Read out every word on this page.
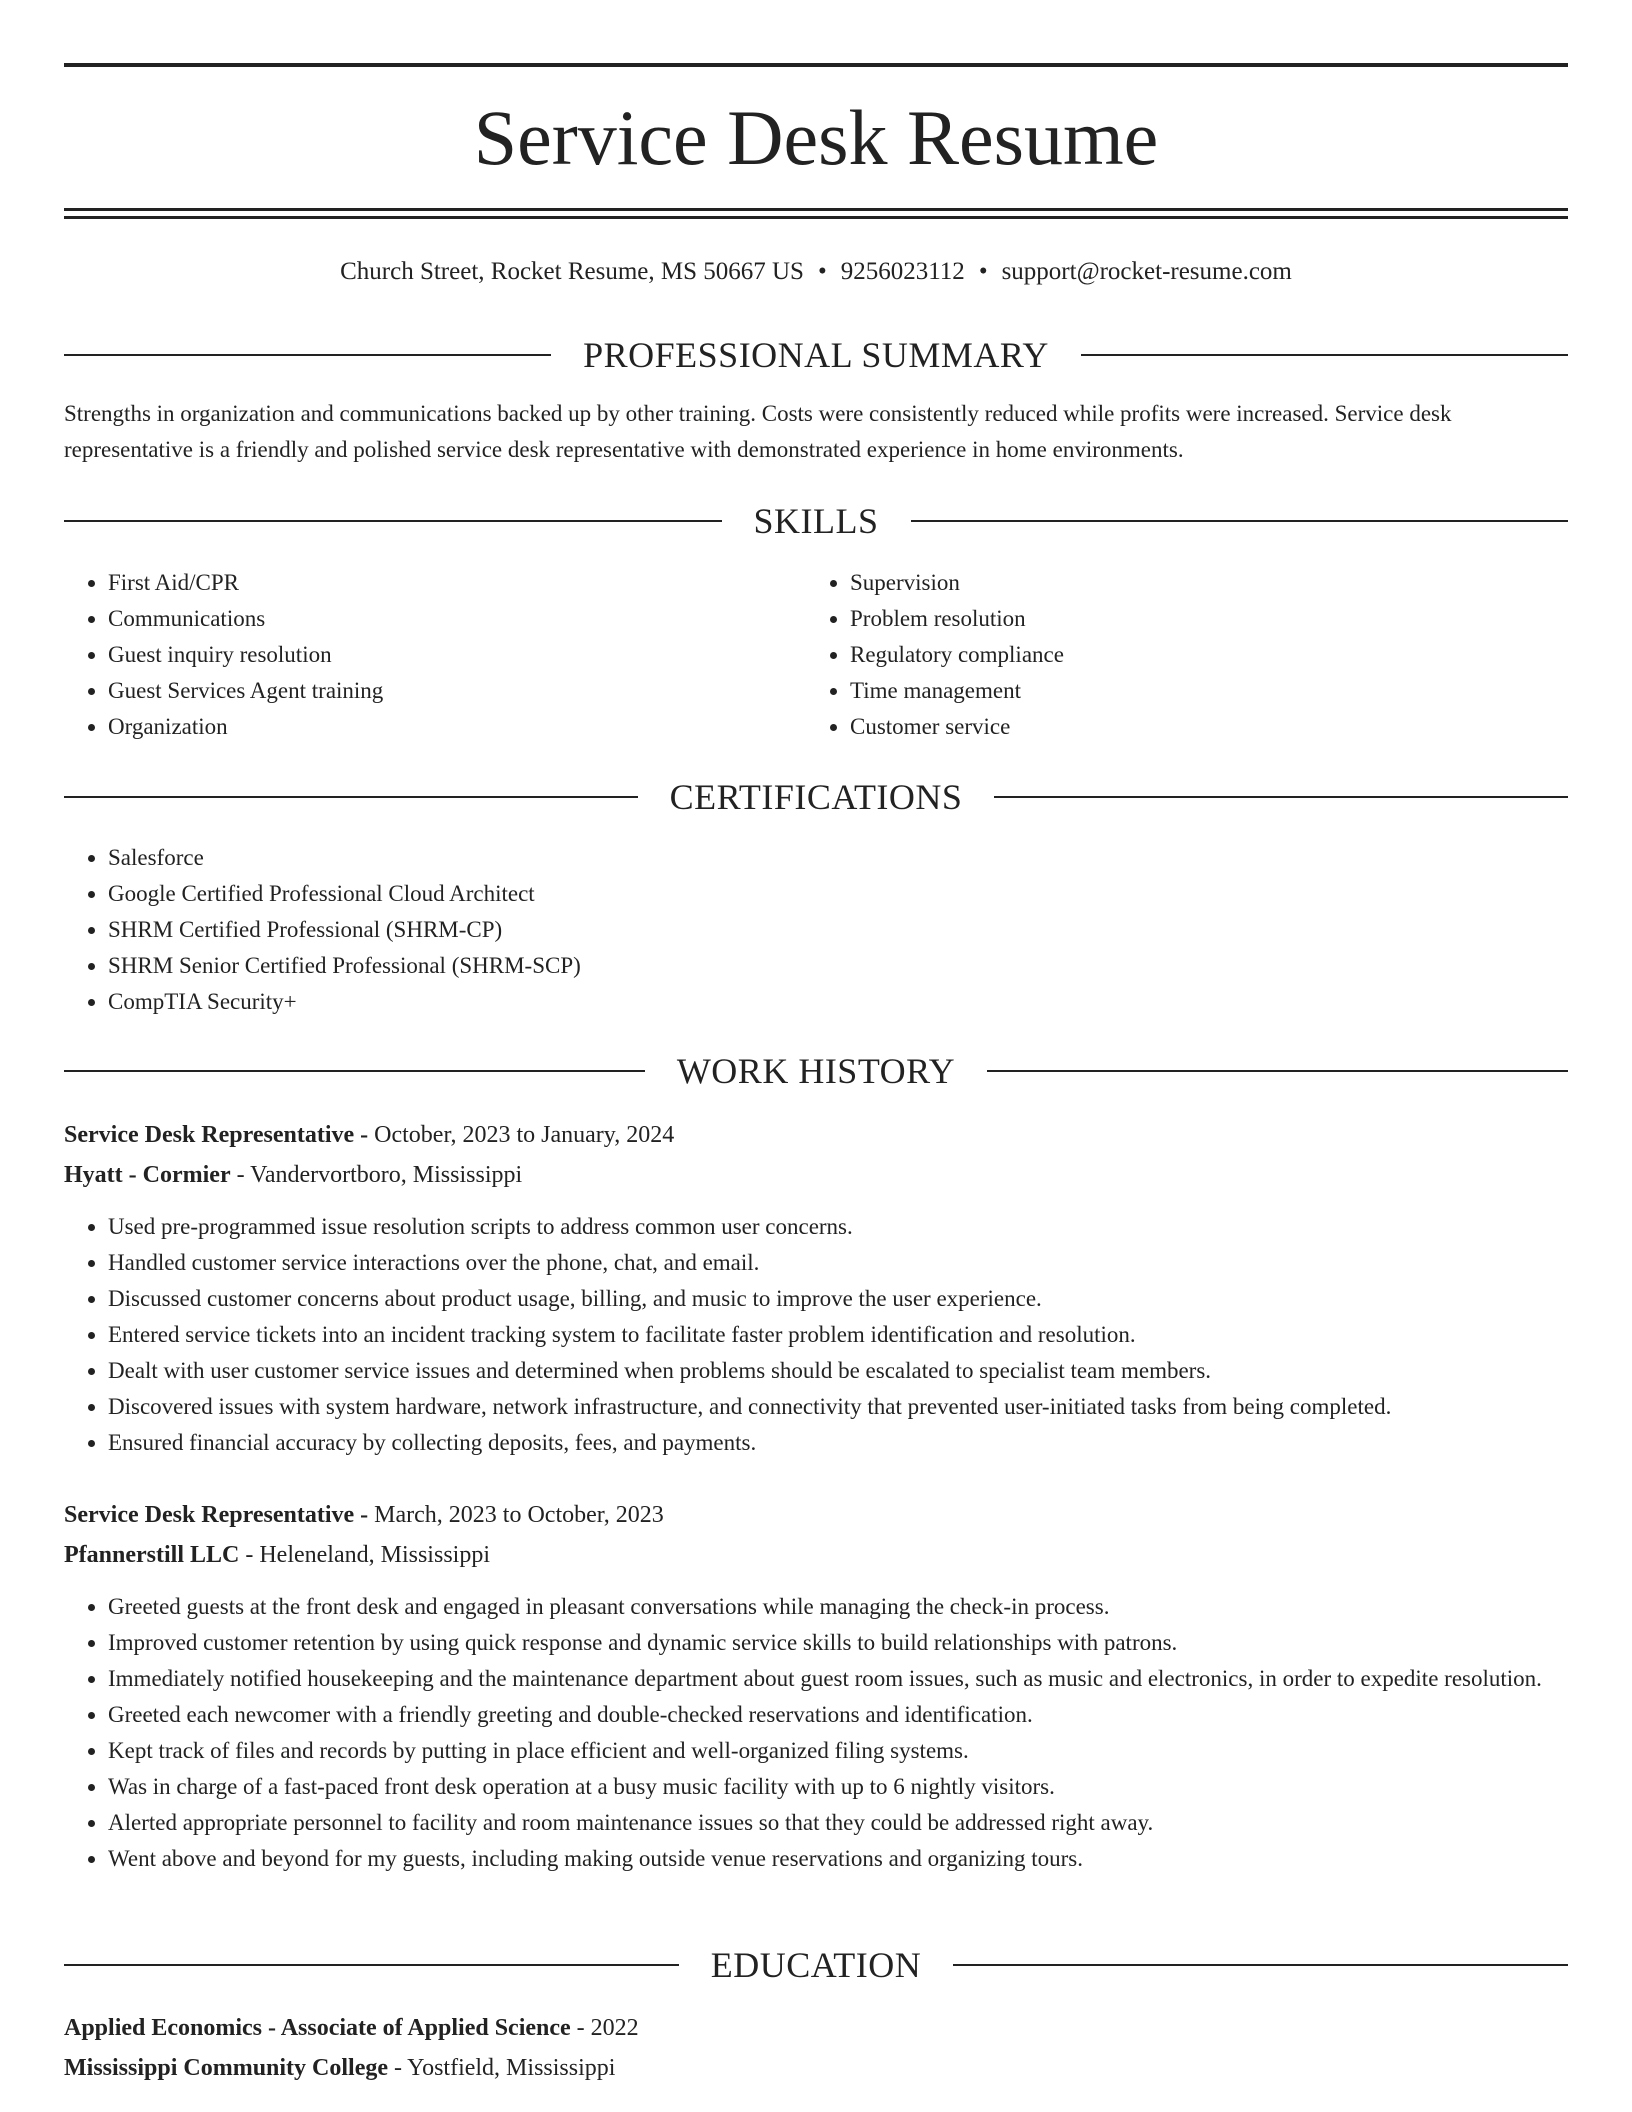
Service Desk Resume
Church Street, Rocket Resume, MS 50667 US • 9256023112 • support@rocket-resume.com
PROFESSIONAL SUMMARY
Strengths in organization and communications backed up by other training. Costs were consistently reduced while profits were increased. Service desk representative is a friendly and polished service desk representative with demonstrated experience in home environments.
SKILLS
• First Aid/CPR
• Communications
• Guest inquiry resolution
• Guest Services Agent training
• Organization
• Supervision
• Problem resolution
• Regulatory compliance
• Time management
• Customer service
CERTIFICATIONS
• Salesforce
• Google Certified Professional Cloud Architect
• SHRM Certified Professional (SHRM-CP)
• SHRM Senior Certified Professional (SHRM-SCP)
• CompTIA Security+
WORK HISTORY
Service Desk Representative - October, 2023 to January, 2024
Hyatt - Cormier - Vandervortboro, Mississippi
• Used pre-programmed issue resolution scripts to address common user concerns.
• Handled customer service interactions over the phone, chat, and email.
• Discussed customer concerns about product usage, billing, and music to improve the user experience.
• Entered service tickets into an incident tracking system to facilitate faster problem identification and resolution.
• Dealt with user customer service issues and determined when problems should be escalated to specialist team members.
• Discovered issues with system hardware, network infrastructure, and connectivity that prevented user-initiated tasks from being completed.
• Ensured financial accuracy by collecting deposits, fees, and payments.
Service Desk Representative - March, 2023 to October, 2023
Pfannerstill LLC - Heleneland, Mississippi
• Greeted guests at the front desk and engaged in pleasant conversations while managing the check-in process.
• Improved customer retention by using quick response and dynamic service skills to build relationships with patrons.
• Immediately notified housekeeping and the maintenance department about guest room issues, such as music and electronics, in order to expedite resolution.
• Greeted each newcomer with a friendly greeting and double-checked reservations and identification.
• Kept track of files and records by putting in place efficient and well-organized filing systems.
• Was in charge of a fast-paced front desk operation at a busy music facility with up to 6 nightly visitors.
• Alerted appropriate personnel to facility and room maintenance issues so that they could be addressed right away.
• Went above and beyond for my guests, including making outside venue reservations and organizing tours.
EDUCATION
Applied Economics - Associate of Applied Science - 2022
Mississippi Community College - Yostfield, Mississippi
